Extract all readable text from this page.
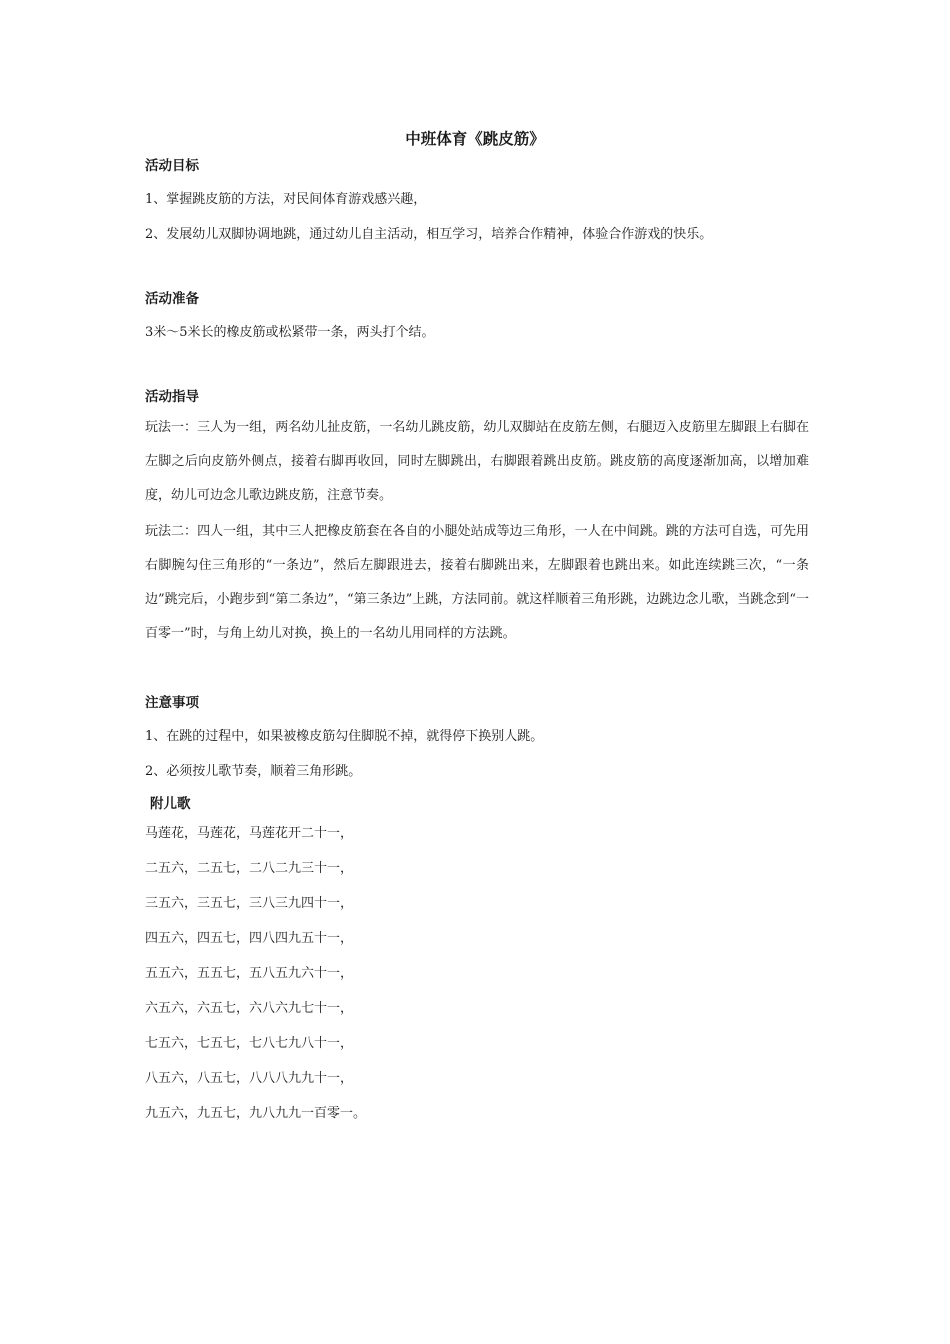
中班体育《跳皮筋》
活动目标
1、掌握跳皮筋的方法，对民间体育游戏感兴趣，
2、发展幼儿双脚协调地跳，通过幼儿自主活动，相互学习，培养合作精神，体验合作游戏的快乐。
活动准备
3米～5米长的橡皮筋或松紧带一条，两头打个结。
活动指导
玩法一：三人为一组，两名幼儿扯皮筋，一名幼儿跳皮筋，幼儿双脚站在皮筋左侧，右腿迈入皮筋里左脚跟上右脚在左脚之后向皮筋外侧点，接着右脚再收回，同时左脚跳出，右脚跟着跳出皮筋。跳皮筋的高度逐渐加高，以增加难度，幼儿可边念儿歌边跳皮筋，注意节奏。
玩法二：四人一组，其中三人把橡皮筋套在各自的小腿处站成等边三角形，一人在中间跳。跳的方法可自选，可先用右脚腕勾住三角形的“一条边”，然后左脚跟进去，接着右脚跳出来，左脚跟着也跳出来。如此连续跳三次，“一条边”跳完后，小跑步到“第二条边”，“第三条边”上跳，方法同前。就这样顺着三角形跳，边跳边念儿歌，当跳念到“一百零一”时，与角上幼儿对换，换上的一名幼儿用同样的方法跳。
注意事项
1、在跳的过程中，如果被橡皮筋勾住脚脱不掉，就得停下换别人跳。
2、必须按儿歌节奏，顺着三角形跳。
附儿歌
马莲花，马莲花，马莲花开二十一，
二五六，二五七，二八二九三十一，
三五六，三五七，三八三九四十一，
四五六，四五七，四八四九五十一，
五五六，五五七，五八五九六十一，
六五六，六五七，六八六九七十一，
七五六，七五七，七八七九八十一，
八五六，八五七，八八八九九十一，
九五六，九五七，九八九九一百零一。
